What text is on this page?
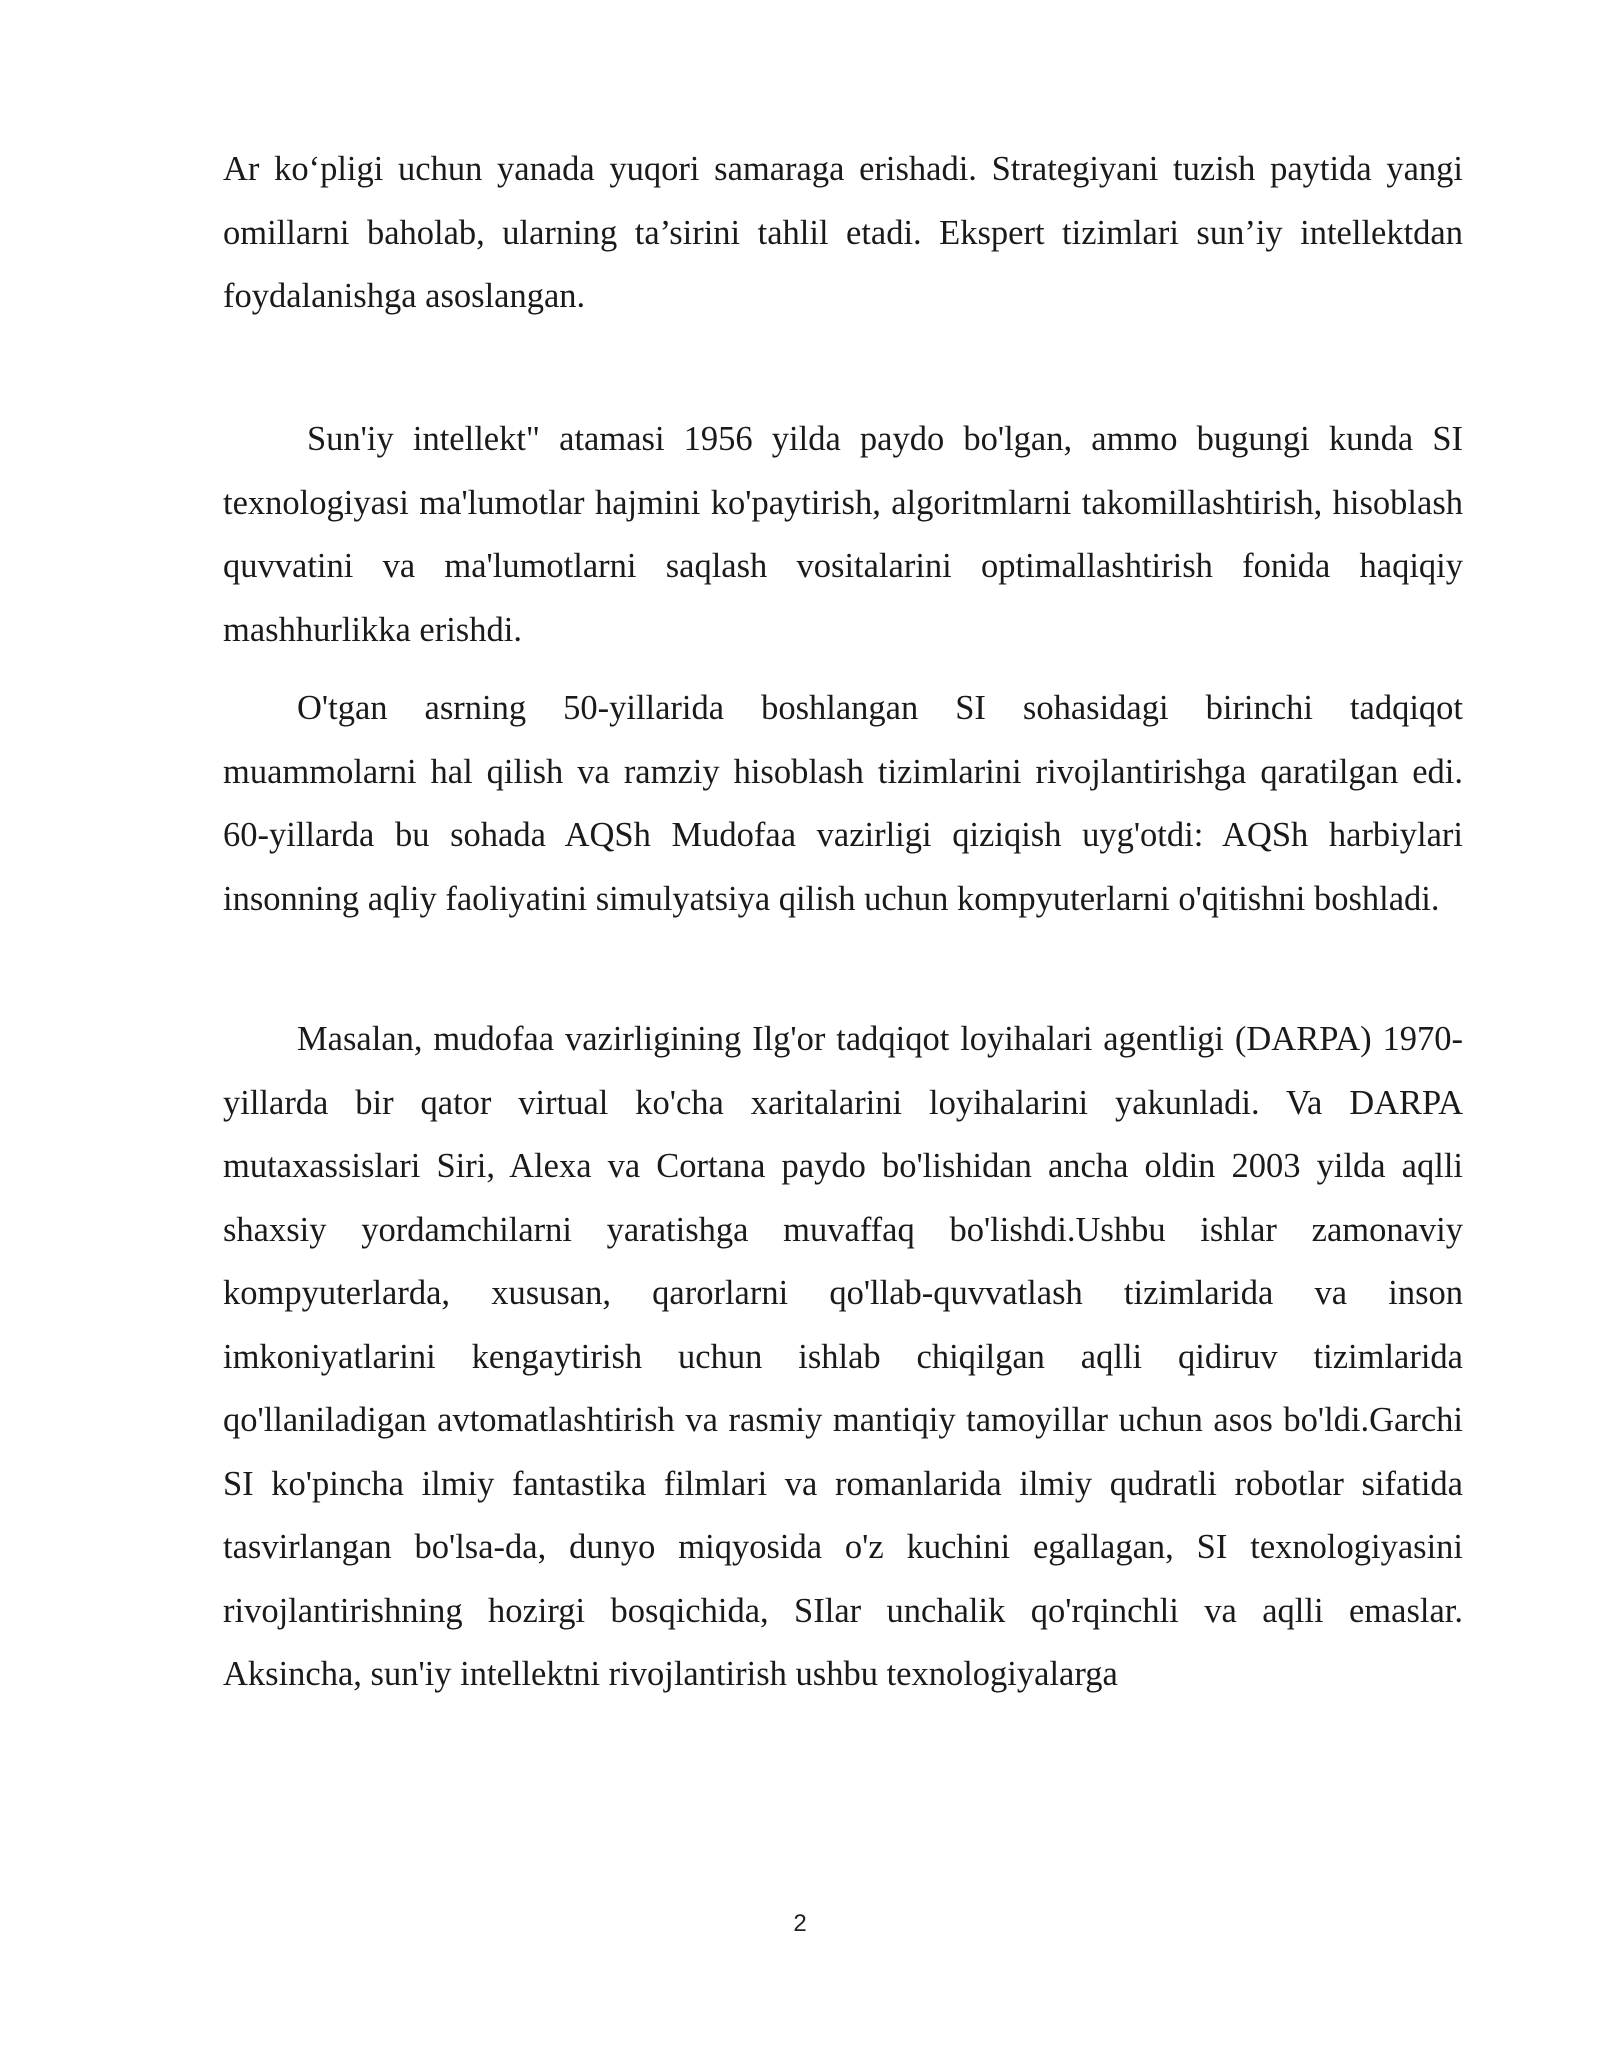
Ar ko‘pligi uchun yanada yuqori samaraga erishadi. Strategiyani tuzish paytida yangi omillarni baholab, ularning ta’sirini tahlil etadi. Ekspert tizimlari sun’iy intellektdan foydalanishga asoslangan.

Sun'iy intellekt" atamasi 1956 yilda paydo bo'lgan, ammo bugungi kunda SI texnologiyasi ma'lumotlar hajmini ko'paytirish, algoritmlarni takomillashtirish, hisoblash quvvatini va ma'lumotlarni saqlash vositalarini optimallashtirish fonida haqiqiy mashhurlikka erishdi.

O'tgan asrning 50-yillarida boshlangan SI sohasidagi birinchi tadqiqot muammolarni hal qilish va ramziy hisoblash tizimlarini rivojlantirishga qaratilgan edi. 60-yillarda bu sohada AQSh Mudofaa vazirligi qiziqish uyg'otdi: AQSh harbiylari insonning aqliy faoliyatini simulyatsiya qilish uchun kompyuterlarni o'qitishni boshladi.

Masalan, mudofaa vazirligining Ilg'or tadqiqot loyihalari agentligi (DARPA) 1970-yillarda bir qator virtual ko'cha xaritalarini loyihalarini yakunladi. Va DARPA mutaxassislari Siri, Alexa va Cortana paydo bo'lishidan ancha oldin 2003 yilda aqlli shaxsiy yordamchilarni yaratishga muvaffaq bo'lishdi.Ushbu ishlar zamonaviy kompyuterlarda, xususan, qarorlarni qo'llab-quvvatlash tizimlarida va inson imkoniyatlarini kengaytirish uchun ishlab chiqilgan aqlli qidiruv tizimlarida qo'llaniladigan avtomatlashtirish va rasmiy mantiqiy tamoyillar uchun asos bo'ldi.Garchi SI ko'pincha ilmiy fantastika filmlari va romanlarida ilmiy qudratli robotlar sifatida tasvirlangan bo'lsa-da, dunyo miqyosida o'z kuchini egallagan, SI texnologiyasini rivojlantirishning hozirgi bosqichida, SIlar unchalik qo'rqinchli va aqlli emaslar. Aksincha, sun'iy intellektni rivojlantirish ushbu texnologiyalarga

2
